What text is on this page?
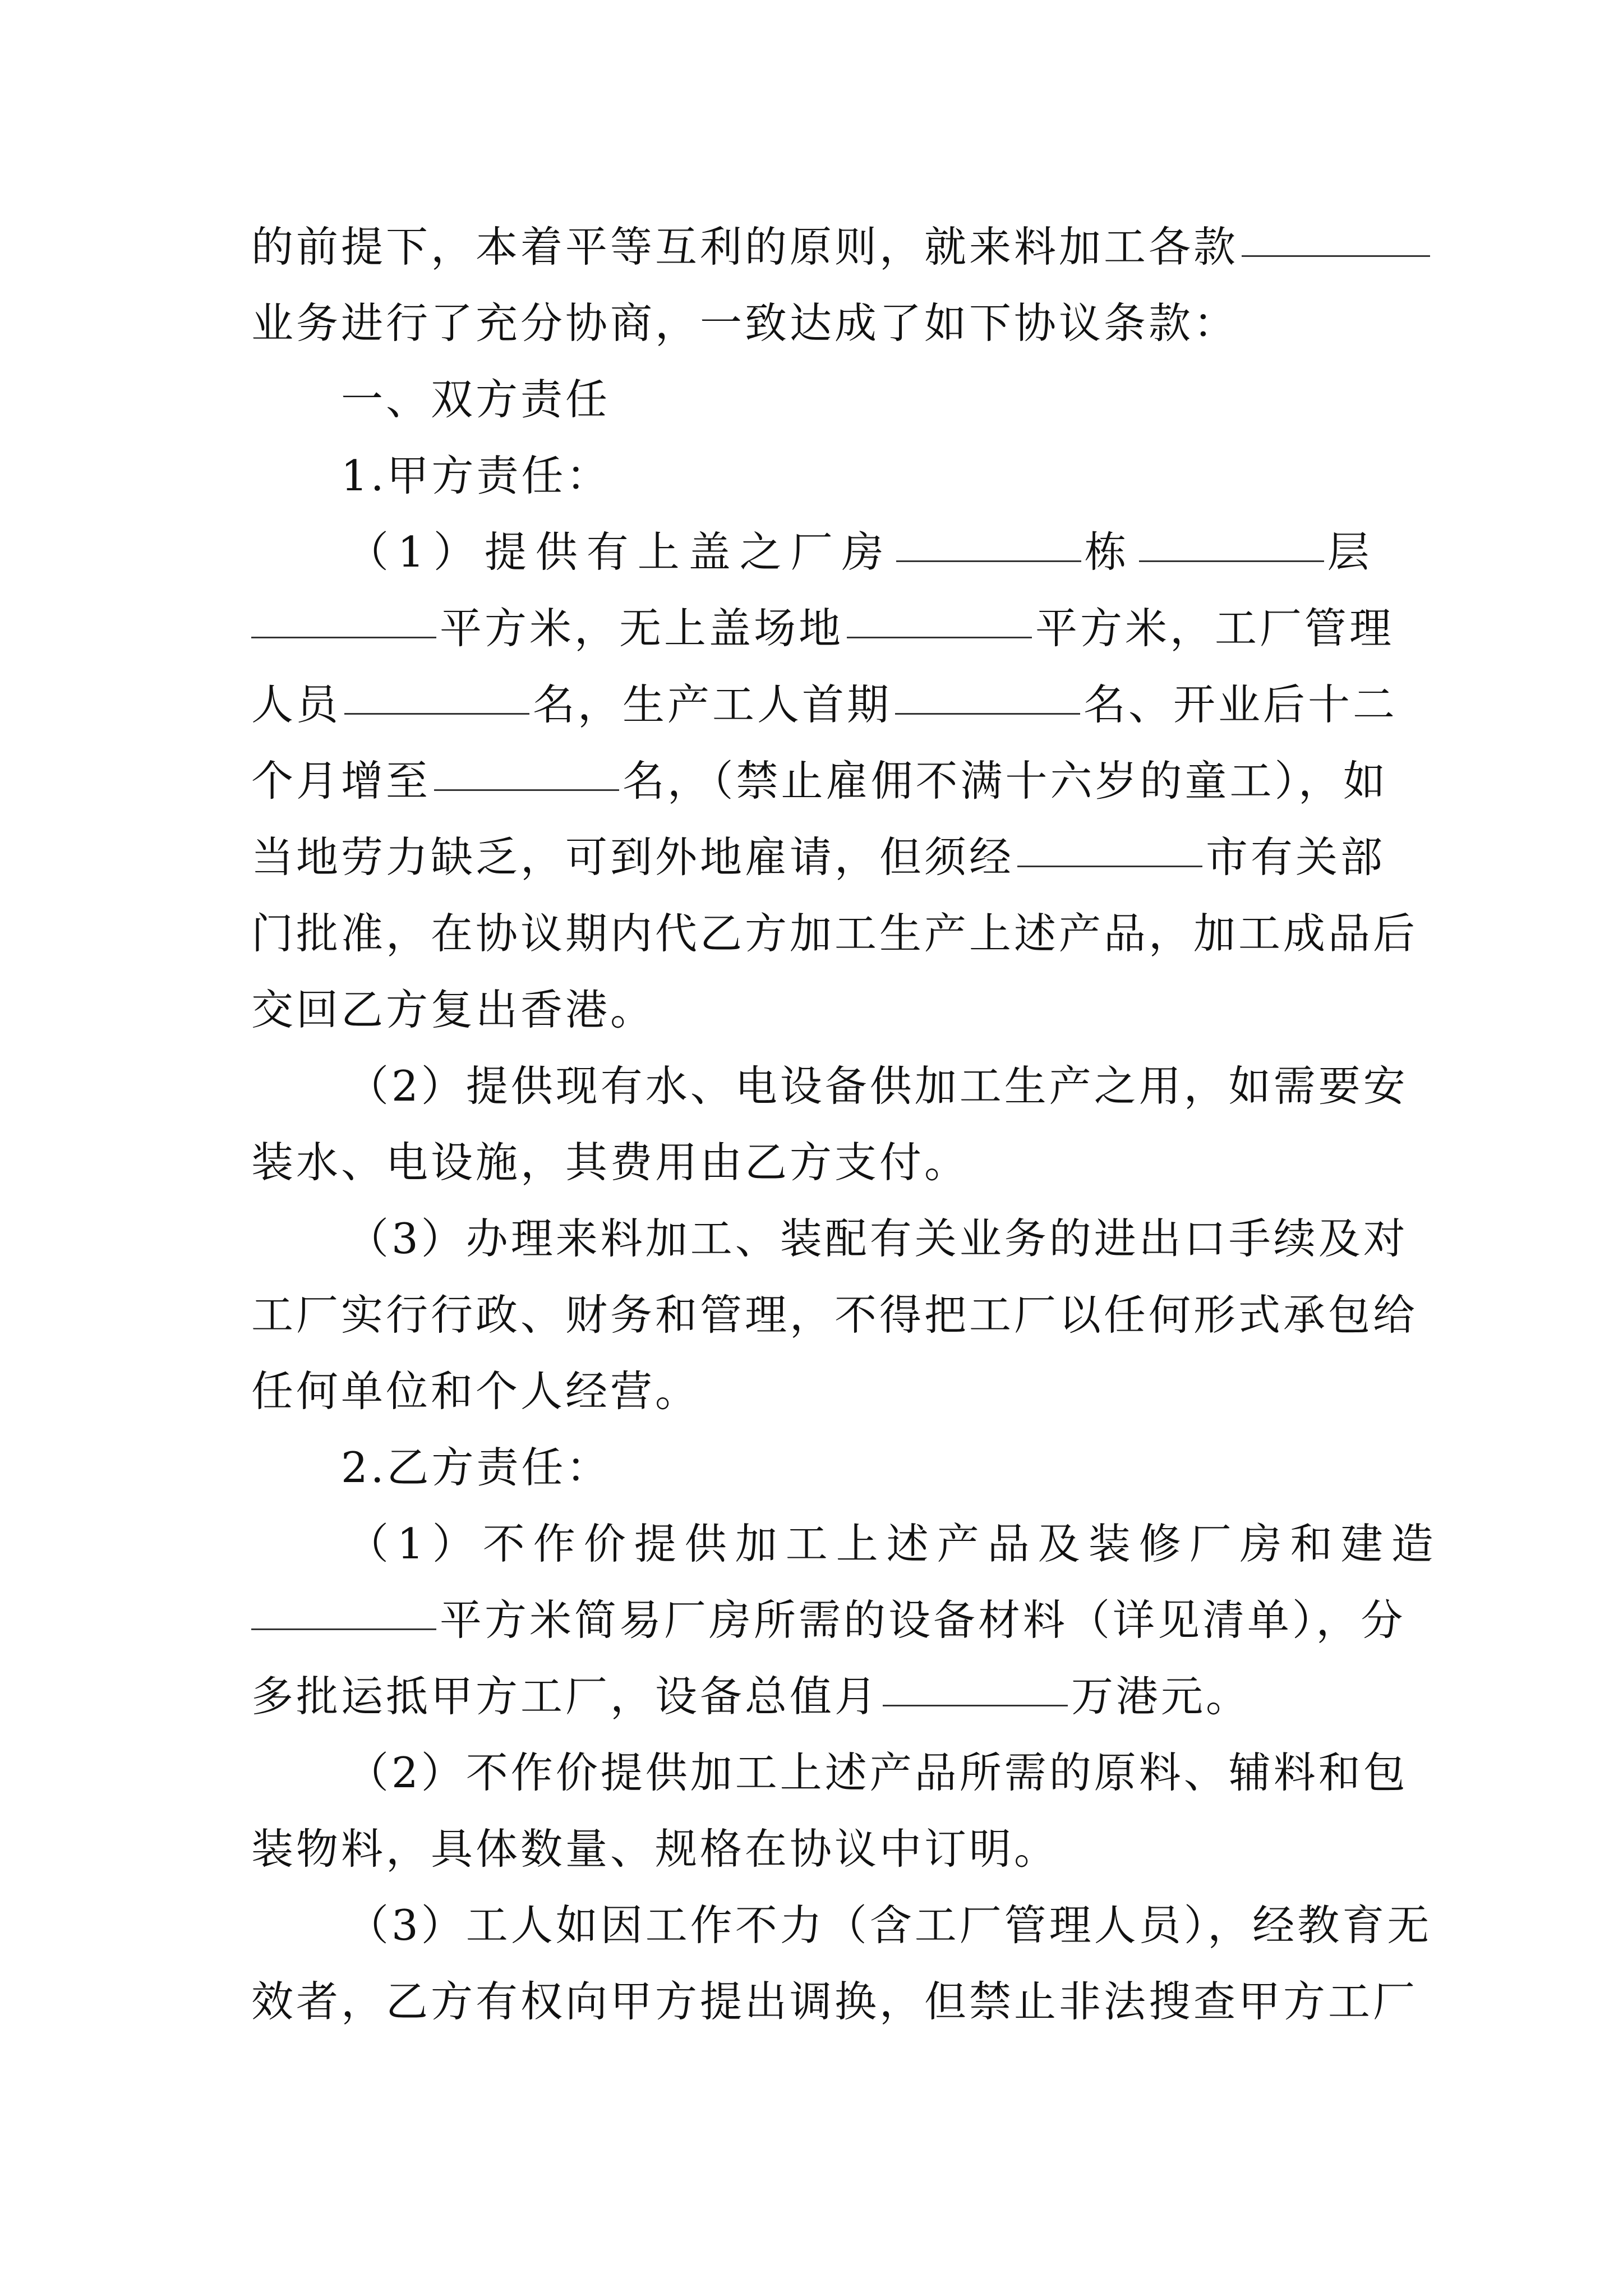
的前提下，本着平等互利的原则，就来料加工各款

业务进行了充分协商，一致达成了如下协议条款：

一、双方责任

1.甲方责任：

（1）提供有上盖之厂房	栋	层

平方米，无上盖场地	平方米，工厂管理

人员	名，生产工人首期	名、开业后十二

个月增至	名，（禁止雇佣不满十六岁的童工），如

当地劳力缺乏，可到外地雇请，但须经	市有关部

门批准，在协议期内代乙方加工生产上述产品，加工成品后

交回乙方复出香港。

（2）提供现有水、电设备供加工生产之用，如需要安

装水、电设施，其费用由乙方支付。

（3）办理来料加工、装配有关业务的进出口手续及对

工厂实行行政、财务和管理，不得把工厂以任何形式承包给

任何单位和个人经营。

2.乙方责任：

（1）不作价提供加工上述产品及装修厂房和建造

平方米简易厂房所需的设备材料（详见清单），分

多批运抵甲方工厂，设备总值月	万港元。

（2）不作价提供加工上述产品所需的原料、辅料和包

装物料，具体数量、规格在协议中订明。

（3）工人如因工作不力（含工厂管理人员），经教育无

效者，乙方有权向甲方提出调换，但禁止非法搜查甲方工厂
